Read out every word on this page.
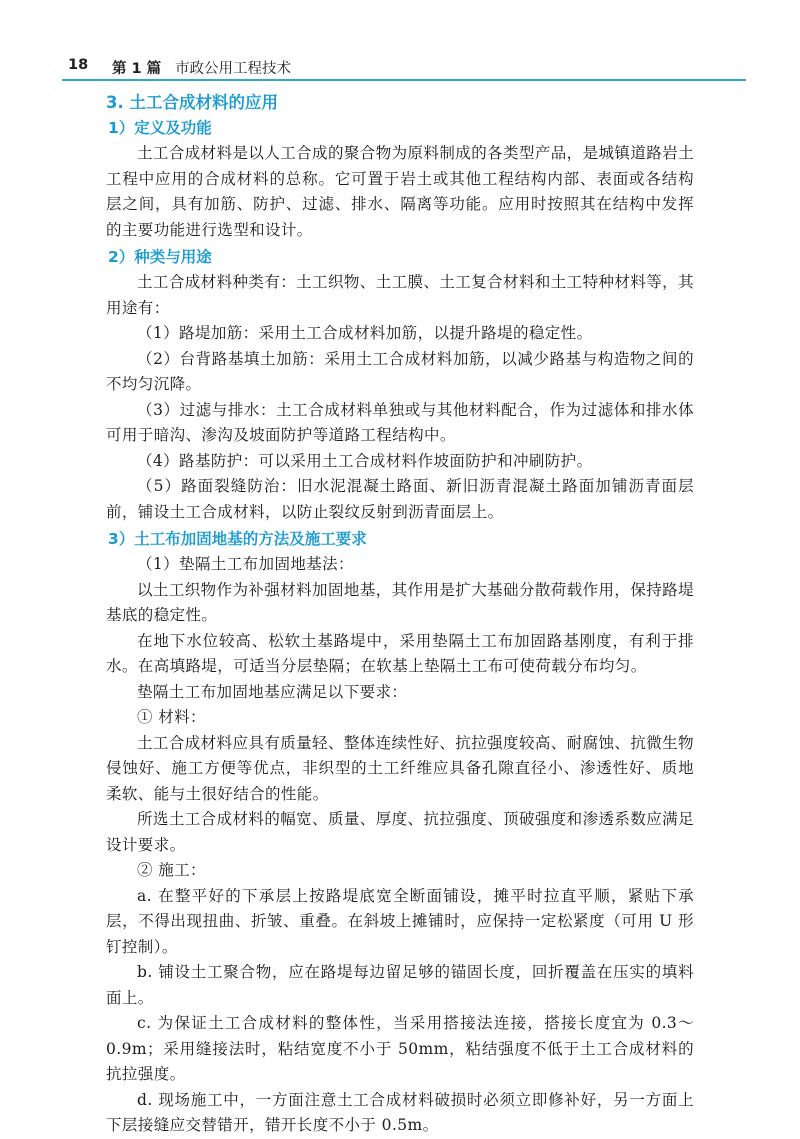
18 第 1 篇 市政公用工程技术
3. 土工合成材料的应用
1）定义及功能

土工合成材料是以人工合成的聚合物为原料制成的各类型产品，是城镇道路岩土工程中应用的合成材料的总称。它可置于岩土或其他工程结构内部、表面或各结构层之间，具有加筋、防护、过滤、排水、隔离等功能。应用时按照其在结构中发挥的主要功能进行选型和设计。

2）种类与用途

土工合成材料种类有：土工织物、土工膜、土工复合材料和土工特种材料等，其用途有：

（1）路堤加筋：采用土工合成材料加筋，以提升路堤的稳定性。

（2）台背路基填土加筋：采用土工合成材料加筋，以减少路基与构造物之间的不均匀沉降。

（3）过滤与排水：土工合成材料单独或与其他材料配合，作为过滤体和排水体可用于暗沟、渗沟及坡面防护等道路工程结构中。

（4）路基防护：可以采用土工合成材料作坡面防护和冲刷防护。

（5）路面裂缝防治：旧水泥混凝土路面、新旧沥青混凝土路面加铺沥青面层前，铺设土工合成材料，以防止裂纹反射到沥青面层上。

3）土工布加固地基的方法及施工要求

（1）垫隔土工布加固地基法：

以土工织物作为补强材料加固地基，其作用是扩大基础分散荷载作用，保持路堤基底的稳定性。

在地下水位较高、松软土基路堤中，采用垫隔土工布加固路基刚度，有利于排水。在高填路堤，可适当分层垫隔；在软基上垫隔土工布可使荷载分布均匀。

垫隔土工布加固地基应满足以下要求：

① 材料：

土工合成材料应具有质量轻、整体连续性好、抗拉强度较高、耐腐蚀、抗微生物侵蚀好、施工方便等优点，非织型的土工纤维应具备孔隙直径小、渗透性好、质地柔软、能与土很好结合的性能。

所选土工合成材料的幅宽、质量、厚度、抗拉强度、顶破强度和渗透系数应满足设计要求。

② 施工：

a. 在整平好的下承层上按路堤底宽全断面铺设，摊平时拉直平顺，紧贴下承层，不得出现扭曲、折皱、重叠。在斜坡上摊铺时，应保持一定松紧度（可用 U 形钉控制）。

b. 铺设土工聚合物，应在路堤每边留足够的锚固长度，回折覆盖在压实的填料面上。

c. 为保证土工合成材料的整体性，当采用搭接法连接，搭接长度宜为 0.3～0.9m；采用缝接法时，粘结宽度不小于 50mm，粘结强度不低于土工合成材料的抗拉强度。

d. 现场施工中，一方面注意土工合成材料破损时必须立即修补好，另一方面上下层接缝应交替错开，错开长度不小于 0.5m。
